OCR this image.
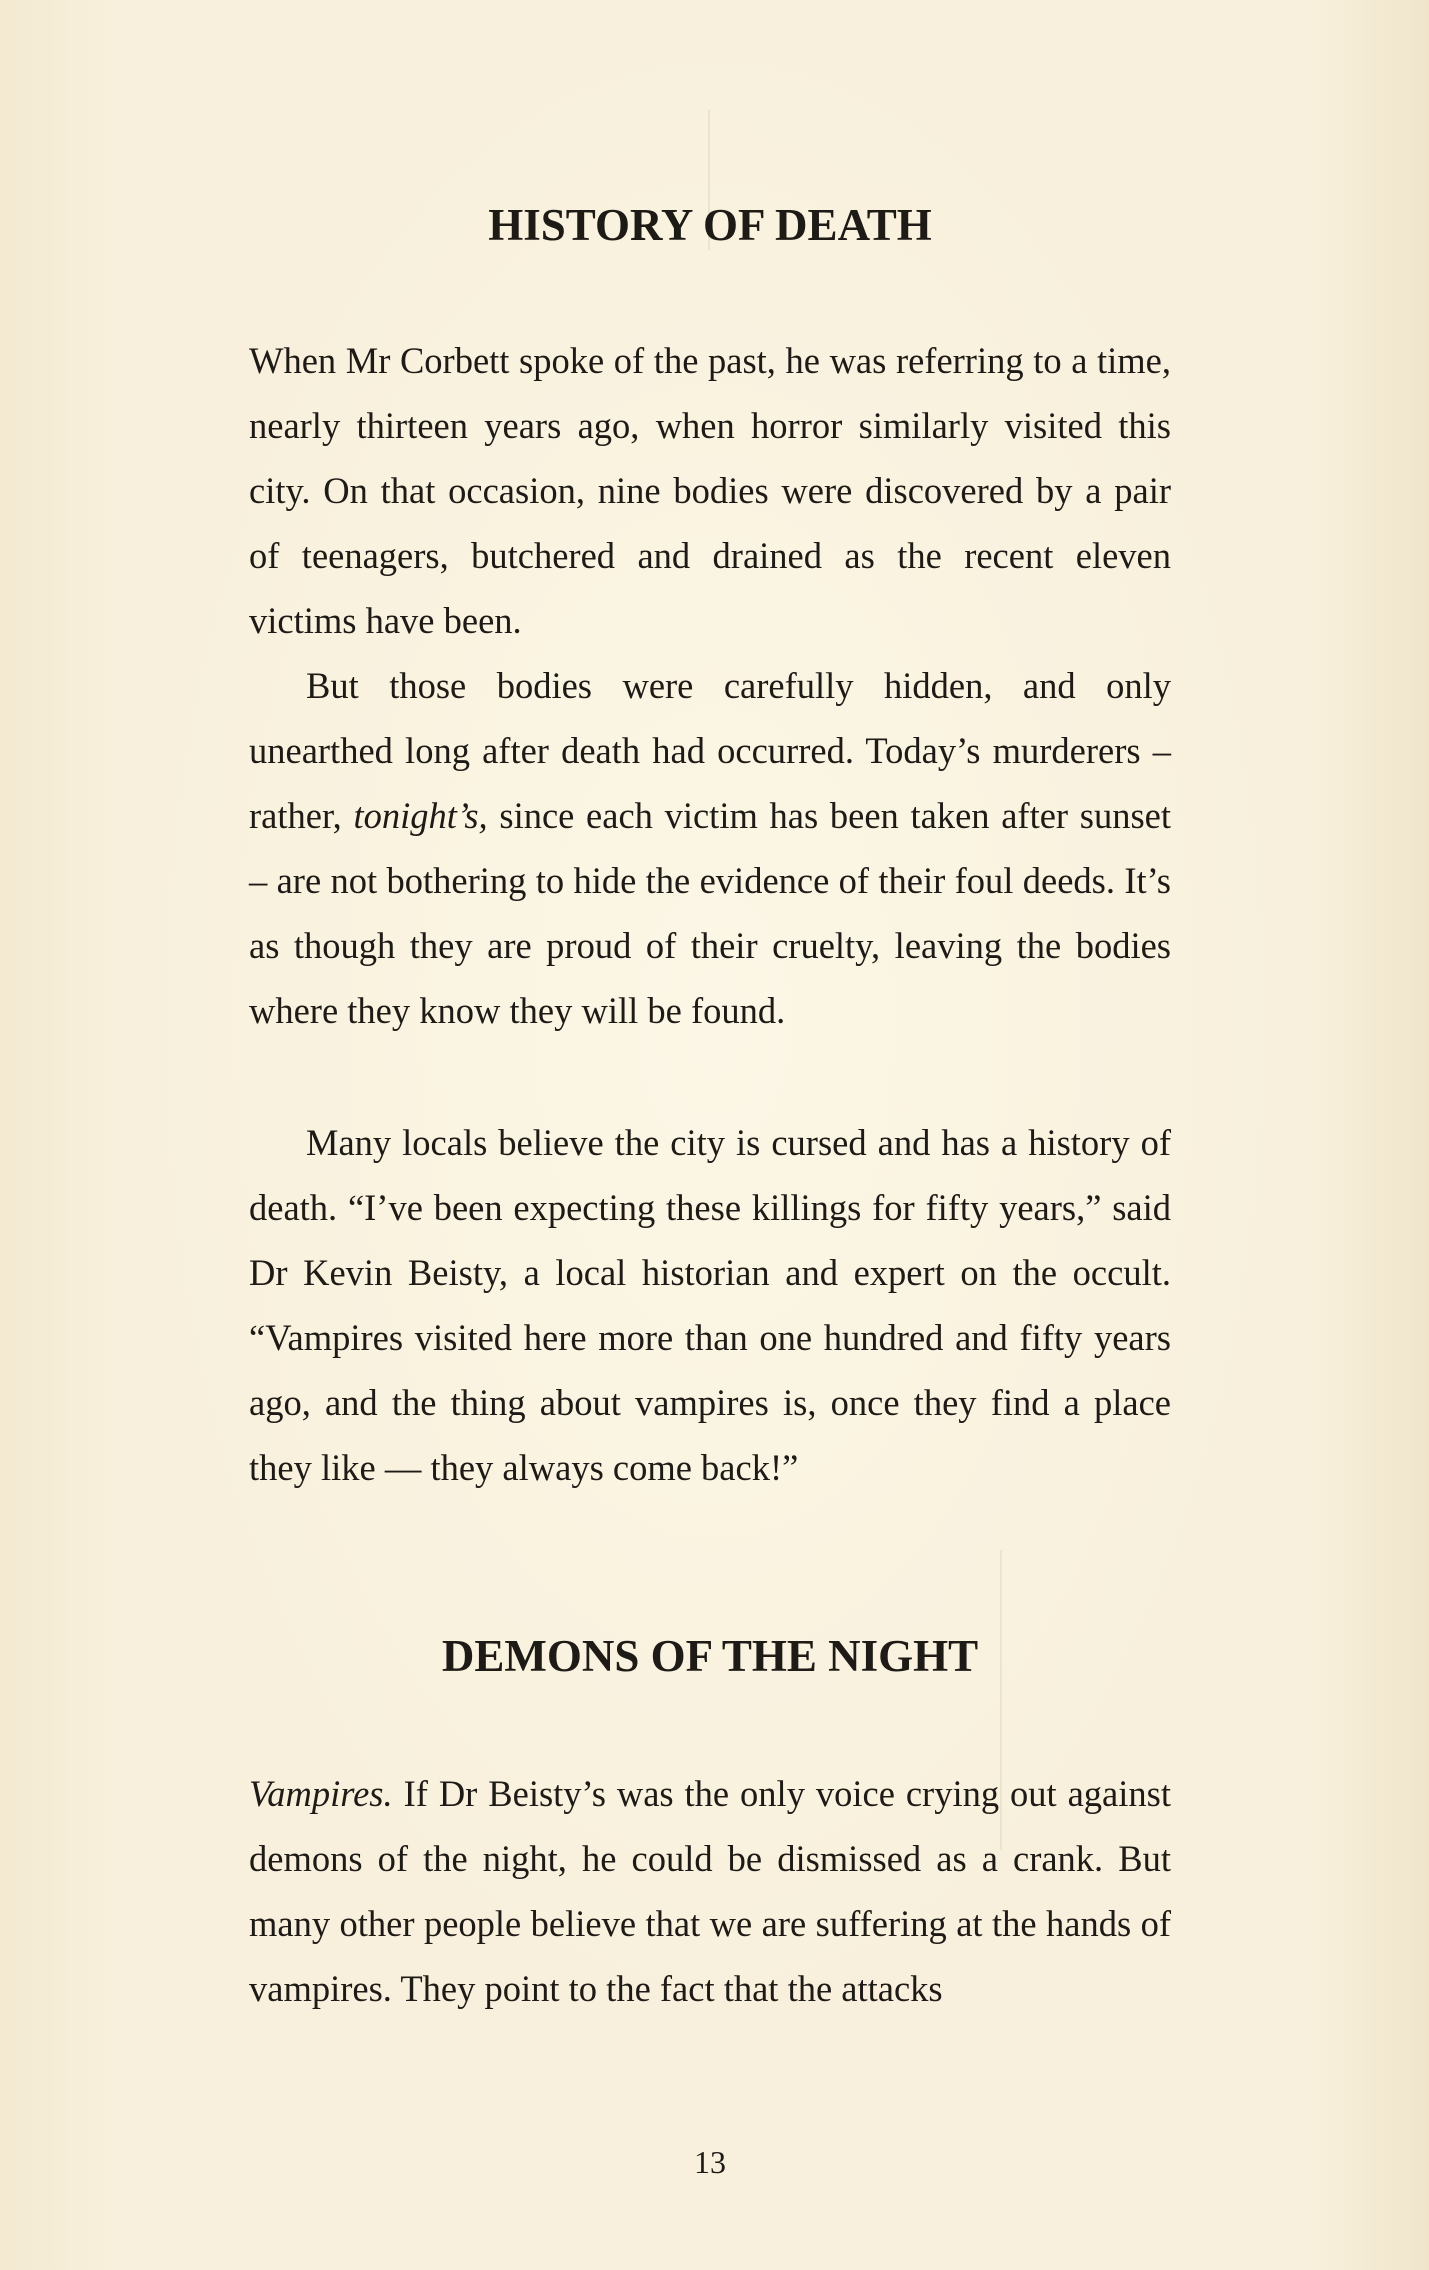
HISTORY OF DEATH

When Mr Corbett spoke of the past, he was referring to a time, nearly thirteen years ago, when horror similarly visited this city. On that occasion, nine bodies were discovered by a pair of teenagers, butchered and drained as the recent eleven victims have been.

But those bodies were carefully hidden, and only unearthed long after death had occurred. Today’s murderers – rather, tonight’s, since each victim has been taken after sunset – are not bothering to hide the evidence of their foul deeds. It’s as though they are proud of their cruelty, leaving the bodies where they know they will be found.

Many locals believe the city is cursed and has a history of death. “I’ve been expecting these killings for fifty years,” said Dr Kevin Beisty, a local historian and expert on the occult. “Vampires visited here more than one hundred and fifty years ago, and the thing about vampires is, once they find a place they like — they always come back!”

DEMONS OF THE NIGHT

Vampires. If Dr Beisty’s was the only voice crying out against demons of the night, he could be dismissed as a crank. But many other people believe that we are suffering at the hands of vampires. They point to the fact that the attacks

13
